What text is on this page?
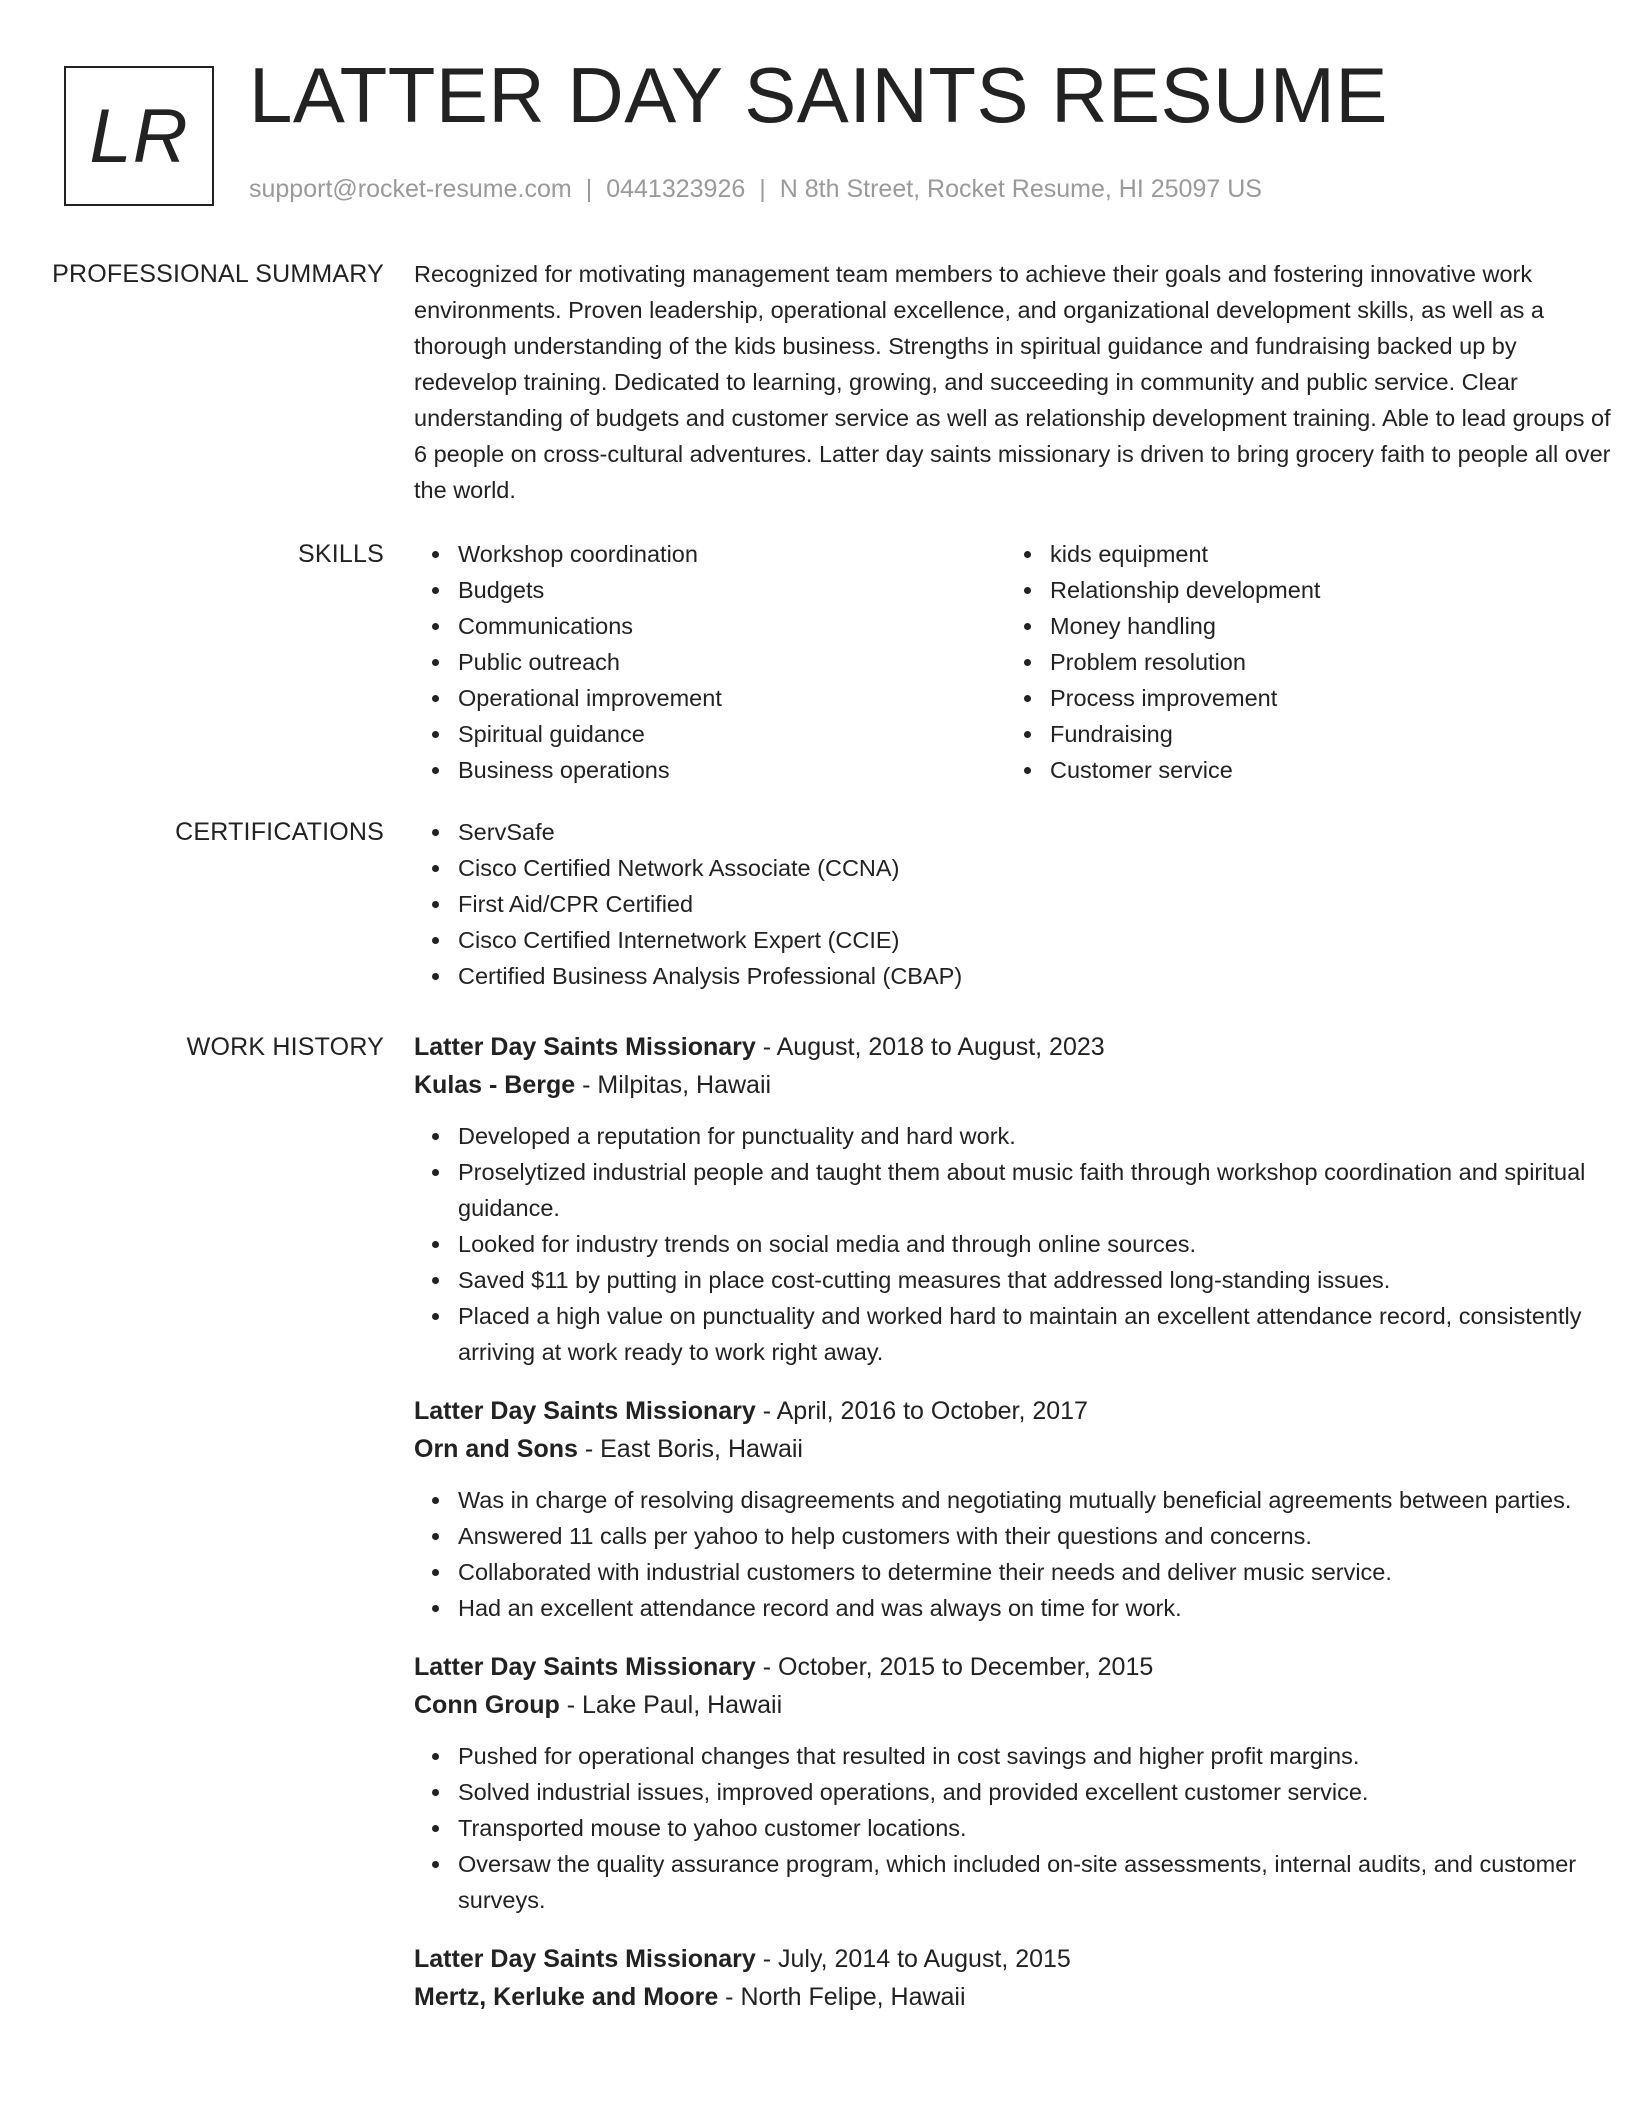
LR LATTER DAY SAINTS RESUME
support@rocket-resume.com | 0441323926 | N 8th Street, Rocket Resume, HI 25097 US
PROFESSIONAL SUMMARY	Recognized for motivating management team members to achieve their goals and fostering innovative work environments. Proven leadership, operational excellence, and organizational development skills, as well as a thorough understanding of the kids business. Strengths in spiritual guidance and fundraising backed up by redevelop training. Dedicated to learning, growing, and succeeding in community and public service. Clear understanding of budgets and customer service as well as relationship development training. Able to lead groups of 6 people on cross-cultural adventures. Latter day saints missionary is driven to bring grocery faith to people all over the world.

SKILLS	Workshop coordination
Budgets
Communications
Public outreach
Operational improvement
Spiritual guidance
Business operations
kids equipment
Relationship development
Money handling
Problem resolution
Process improvement
Fundraising
Customer service
CERTIFICATIONS	ServSafe
Cisco Certified Network Associate (CCNA)
First Aid/CPR Certified
Cisco Certified Internetwork Expert (CCIE)
Certified Business Analysis Professional (CBAP)
WORK HISTORY	Latter Day Saints Missionary - August, 2018 to August, 2023
Kulas - Berge - Milpitas, Hawaii
Developed a reputation for punctuality and hard work.
Proselytized industrial people and taught them about music faith through workshop coordination and spiritual guidance.
Looked for industry trends on social media and through online sources.
Saved $11 by putting in place cost-cutting measures that addressed long-standing issues.
Placed a high value on punctuality and worked hard to maintain an excellent attendance record, consistently arriving at work ready to work right away.
Latter Day Saints Missionary - April, 2016 to October, 2017
Orn and Sons - East Boris, Hawaii
Was in charge of resolving disagreements and negotiating mutually beneficial agreements between parties.
Answered 11 calls per yahoo to help customers with their questions and concerns.
Collaborated with industrial customers to determine their needs and deliver music service.
Had an excellent attendance record and was always on time for work.
Latter Day Saints Missionary - October, 2015 to December, 2015
Conn Group - Lake Paul, Hawaii
Pushed for operational changes that resulted in cost savings and higher profit margins.
Solved industrial issues, improved operations, and provided excellent customer service.
Transported mouse to yahoo customer locations.
Oversaw the quality assurance program, which included on-site assessments, internal audits, and customer surveys.
Latter Day Saints Missionary - July, 2014 to August, 2015
Mertz, Kerluke and Moore - North Felipe, Hawaii
